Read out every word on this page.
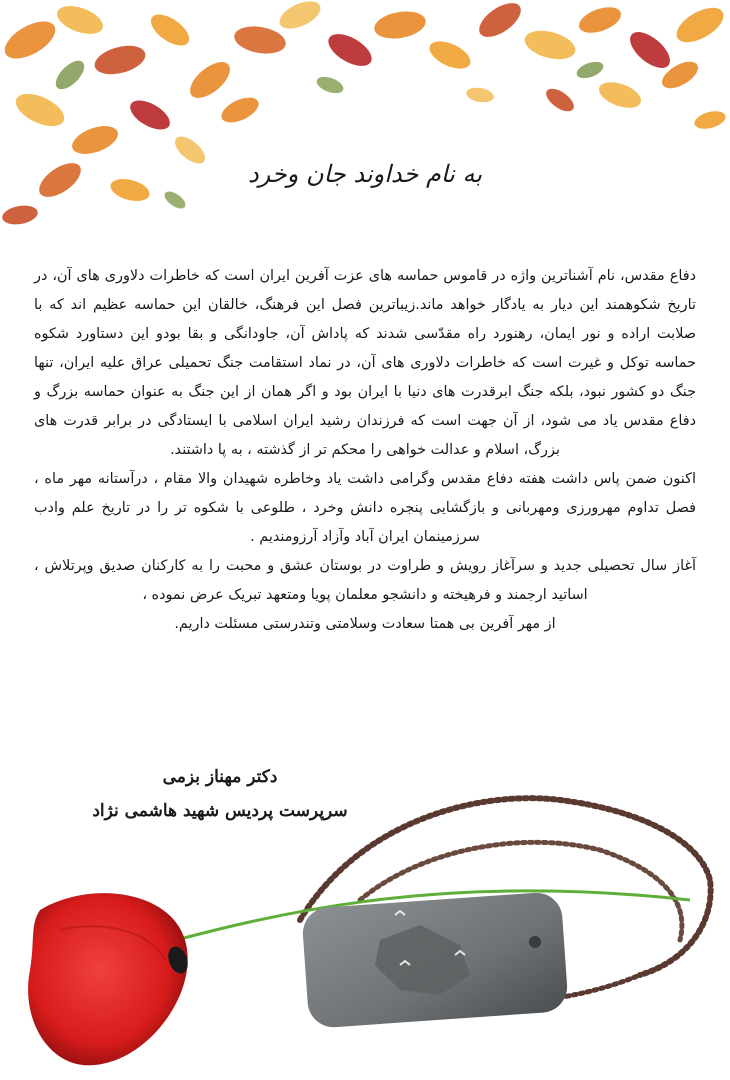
به نام خداوند جان وخرد

دفاع مقدس، نام آشناترین واژه در قاموس حماسه های عزت آفرین ایران است که خاطرات دلاوری های آن، در تاریخ شکوهمند این دیار به یادگار خواهد ماند.زیباترین فصل این فرهنگ، خالقان این حماسه عظیم اند که با صلابت اراده و نور ایمان، رهنورد راه مقدّسی شدند که پاداش آن، جاودانگی و بقا بودو این دستاورد شکوه حماسه توکل و غیرت است که خاطرات دلاوری های آن، در نماد استقامت جنگ تحمیلی عراق علیه ایران، تنها جنگ دو کشور نبود، بلکه جنگ ابرقدرت های دنیا با ایران بود و اگر همان از این جنگ به عنوان حماسه بزرگ و دفاع مقدس یاد می شود، از آن جهت است که فرزندان رشید ایران اسلامی با ایستادگی در برابر قدرت های بزرگ، اسلام و عدالت خواهی را محکم تر از گذشته ، به پا داشتند.

اکنون ضمن پاس داشت هفته دفاع مقدس وگرامی داشت یاد وخاطره شهیدان والا مقام ، درآستانه مهر ماه ، فصل تداوم مهرورزی ومهربانی و بازگشایی پنجره دانش وخرد ، طلوعی با شکوه تر را در تاریخ علم وادب سرزمینمان ایران آباد وآزاد آرزومندیم .

آغاز سال تحصیلی جدید و سرآغاز رویش و طراوت در بوستان عشق و محبت را به کارکنان صدیق وپرتلاش ، اساتید ارجمند و فرهیخته و دانشجو معلمان پویا ومتعهد تبریک عرض نموده ،

از مهر آفرین بی همتا سعادت وسلامتی وتندرستی مسئلت داریم.

دکتر مهناز بزمی
سرپرست پردیس شهید هاشمی نژاد
